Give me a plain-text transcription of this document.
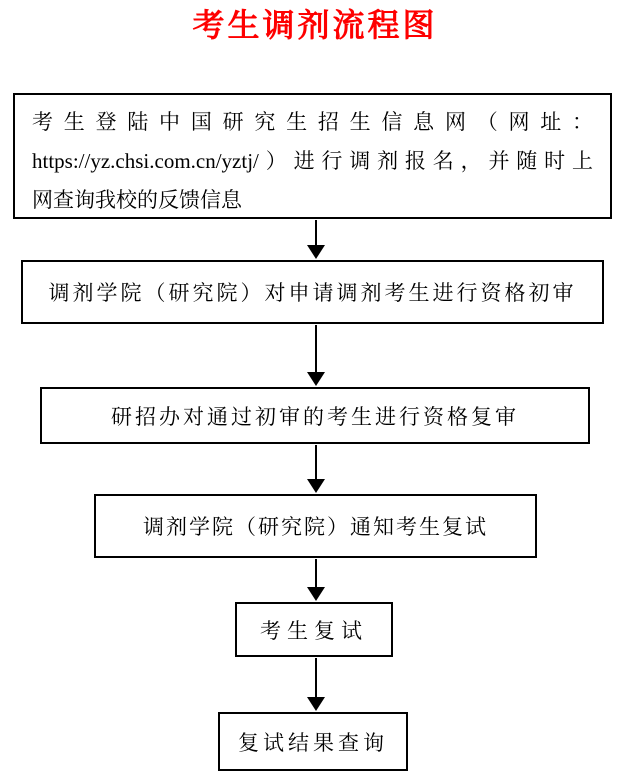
考生调剂流程图
考生登陆中国研究生招生信息网（网址：
https://yz.chsi.com.cn/yztj/）进行调剂报名，并随时上
网查询我校的反馈信息
调剂学院（研究院）对申请调剂考生进行资格初审
研招办对通过初审的考生进行资格复审
调剂学院（研究院）通知考生复试
考生复试
复试结果查询
